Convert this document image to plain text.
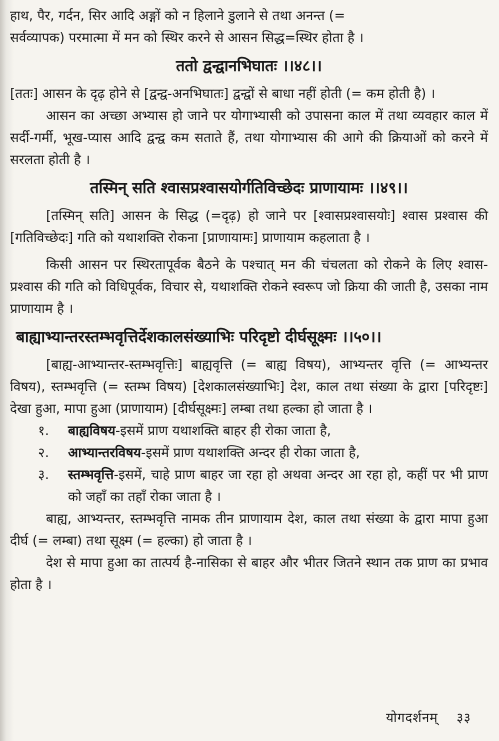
हाथ, पैर, गर्दन, सिर आदि अङ्गों को न हिलाने डुलाने से तथा अनन्त (=

सर्वव्यापक) परमात्मा में मन को स्थिर करने से आसन सिद्ध=स्थिर होता है ।

ततो द्वन्द्वानभिघातः ।।४८।।

[ततः] आसन के दृढ़ होने से [द्वन्द्व-अनभिघातः] द्वन्द्वों से बाधा नहीं होती (= कम होती है) ।

आसन का अच्छा अभ्यास हो जाने पर योगाभ्यासी को उपासना काल में तथा व्यवहार काल में सर्दी-गर्मी, भूख-प्यास आदि द्वन्द्व कम सताते हैं, तथा योगाभ्यास की आगे की क्रियाओं को करने में सरलता होती है ।

तस्मिन् सति श्वासप्रश्वासयोर्गतिविच्छेदः प्राणायामः ।।४९।।

[तस्मिन् सति] आसन के सिद्ध (=दृढ़) हो जाने पर [श्वासप्रश्वासयोः] श्वास प्रश्वास की [गतिविच्छेदः] गति को यथाशक्ति रोकना [प्राणायामः] प्राणायाम कहलाता है ।

किसी आसन पर स्थिरतापूर्वक बैठने के पश्चात् मन की चंचलता को रोकने के लिए श्वास-प्रश्वास की गति को विधिपूर्वक, विचार से, यथाशक्ति रोकने स्वरूप जो क्रिया की जाती है, उसका नाम प्राणायाम है ।

बाह्याभ्यान्तरस्तम्भवृत्तिर्देशकालसंख्याभिः परिदृष्टो दीर्घसूक्ष्मः ।।५०।।

[बाह्य-आभ्यान्तर-स्तम्भवृत्तिः] बाह्यवृत्ति (= बाह्य विषय), आभ्यन्तर वृत्ति (= आभ्यन्तर विषय), स्तम्भवृत्ति (= स्तम्भ विषय) [देशकालसंख्याभिः] देश, काल तथा संख्या के द्वारा [परिदृष्टः] देखा हुआ, मापा हुआ (प्राणायाम) [दीर्घसूक्ष्मः] लम्बा तथा हल्का हो जाता है ।

१. बाह्यविषय-इसमें प्राण यथाशक्ति बाहर ही रोका जाता है,
२. आभ्यान्तरविषय-इसमें प्राण यथाशक्ति अन्दर ही रोका जाता है,
३. स्तम्भवृत्ति-इसमें, चाहे प्राण बाहर जा रहा हो अथवा अन्दर आ रहा हो, कहीं पर भी प्राण को जहाँ का तहाँ रोका जाता है ।

बाह्य, आभ्यन्तर, स्तम्भवृत्ति नामक तीन प्राणायाम देश, काल तथा संख्या के द्वारा मापा हुआ दीर्घ (= लम्बा) तथा सूक्ष्म (= हल्का) हो जाता है ।

देश से मापा हुआ का तात्पर्य है-नासिका से बाहर और भीतर जितने स्थान तक प्राण का प्रभाव होता है ।

योगदर्शनम् ३३
